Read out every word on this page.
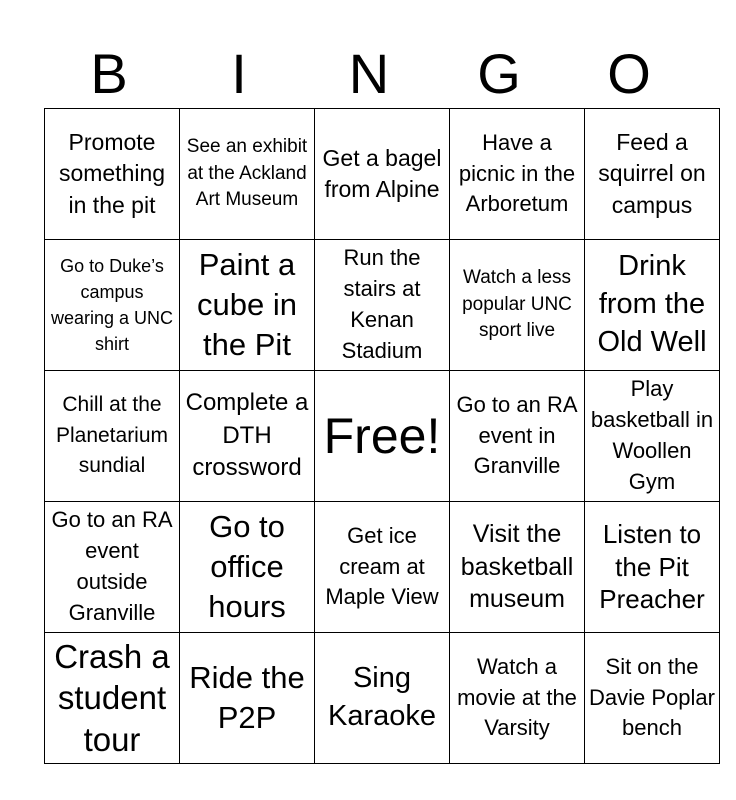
B	I	N	G	O
Promote something in the pit	See an exhibit at the Ackland Art Museum	Get a bagel from Alpine	Have a picnic in the Arboretum	Feed a squirrel on campus
Go to Duke’s campus wearing a UNC shirt	Paint a cube in the Pit	Run the stairs at Kenan Stadium	Watch a less popular UNC sport live	Drink from the Old Well
Chill at the Planetarium sundial	Complete a DTH crossword	Free!	Go to an RA event in Granville	Play basketball in Woollen Gym
Go to an RA event outside Granville	Go to office hours	Get ice cream at Maple View	Visit the basketball museum	Listen to the Pit Preacher
Crash a student tour	Ride the P2P	Sing Karaoke	Watch a movie at the Varsity	Sit on the Davie Poplar bench
